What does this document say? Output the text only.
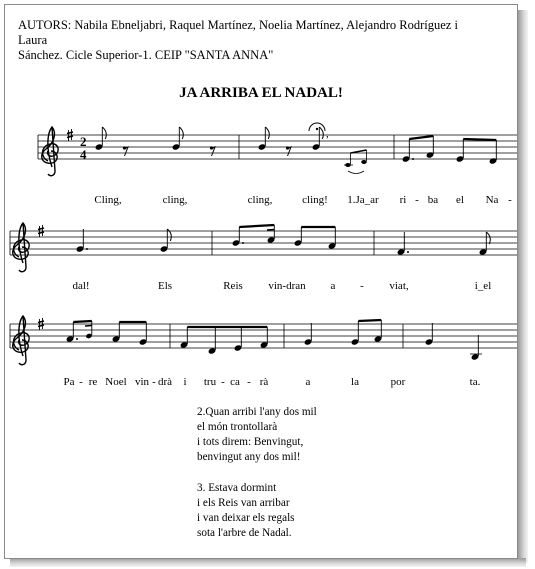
AUTORS: Nabila Ebneljabri, Raquel Martínez, Noelia Martínez, Alejandro Rodríguez i Laura
Sánchez. Cicle Superior-1. CEIP "SANTA ANNA"
JA ARRIBA EL NADAL!
2
4
,
Cling,	cling,	cling,	cling! 1.Ja_ar ri - ba el Na -
dal!	Els	Reis vin-dran a - viat,	i_el
Pa - re Noel vin - drà i tru - ca - rà	a	la	por	ta.
2.Quan arribi l'any dos mil
el món trontollarà
i tots direm: Benvingut,
benvingut any dos mil!
3. Estava dormint
i els Reis van arribar
i van deixar els regals
sota l'arbre de Nadal.
